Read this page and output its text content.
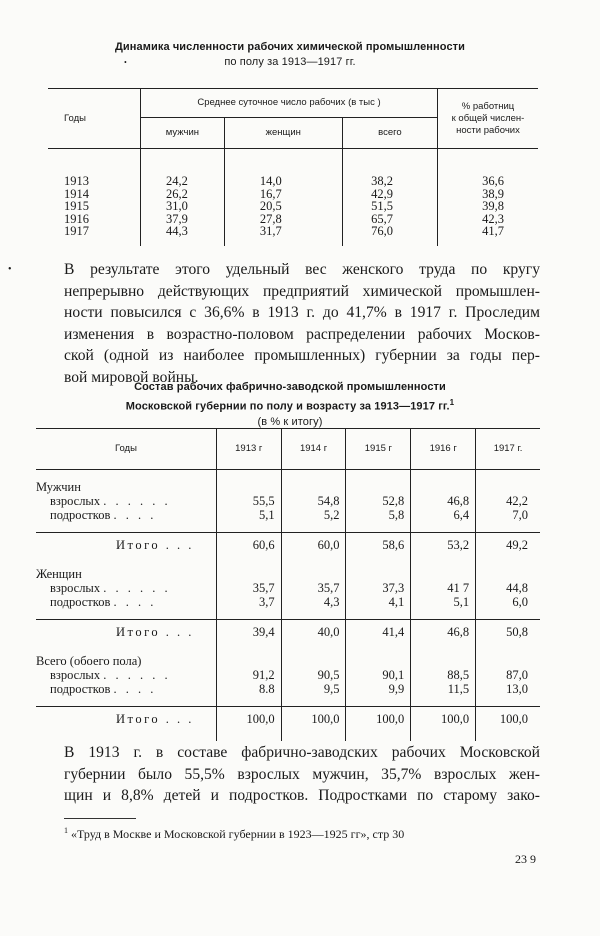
•
•
Динамика численности рабочих химической промышленности
по полу за 1913—1917 гг.
Годы	Среднее суточное число рабочих (в тыс )			% работниц
к общей числен-
ности рабочих

	мужчин	женщин	всего	

1913	24,2	14,0	38,2	36,6
1914	26,2	16,7	42,9	38,9
1915	31,0	20,5	51,5	39,8
1916	37,9	27,8	65,7	42,3
1917	44,3	31,7	76,0	41,7

В результате этого удельный вес женского труда по кругу
непрерывно действующих предприятий химической промышлен-
ности повысился с 36,6% в 1913 г. до 41,7% в 1917 г. Проследим
изменения в возрастно-половом распределении рабочих Москов-
ской (одной из наиболее промышленных) губернии за годы пер-
вой мировой войны.
Состав рабочих фабрично-заводской промышленности
Московской губернии по полу и возрасту за 1913—1917 гг.$^1$
(в % к итогу)
Годы	1913 г	1914 г	1915 г	1916 г	1917 г.

Мужчин					
взрослых . . . . . .	55,5	54,8	52,8	46,8	42,2
подростков . . . .	5,1	5,2	5,8	6,4	7,0

Итого . . .	60,6	60,0	58,6	53,2	49,2

Женщин					
взрослых . . . . . .	35,7	35,7	37,3	41 7	44,8
подростков . . . .	3,7	4,3	4,1	5,1	6,0

Итого . . .	39,4	40,0	41,4	46,8	50,8

Всего (обоего пола)					
взрослых . . . . . .	91,2	90,5	90,1	88,5	87,0
подростков . . . .	8.8	9,5	9,9	11,5	13,0

Итого . . .	100,0	100,0	100,0	100,0	100,0

В 1913 г. в составе фабрично-заводских рабочих Московской
губернии было 55,5% взрослых мужчин, 35,7% взрослых жен-
щин и 8,8% детей и подростков. Подростками по старому зако-
$^1$ «Труд в Москве и Московской губернии в 1923—1925 гг», стр 30
23 9
